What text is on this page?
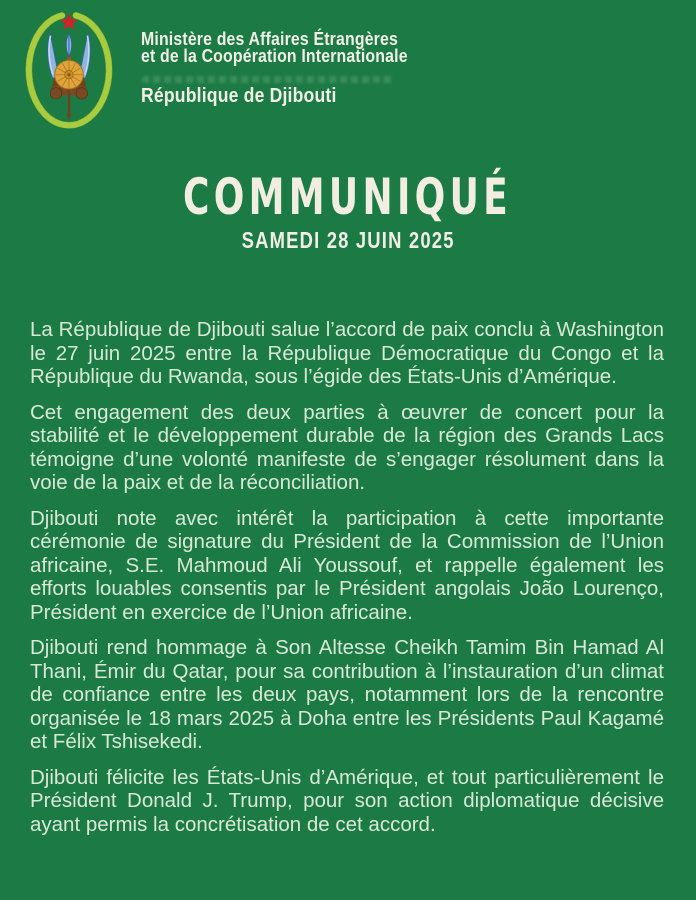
Ministère des Affaires Étrangères
et de la Coopération Internationale
République de Djibouti
COMMUNIQUÉ
SAMEDI 28 JUIN 2025

La République de Djibouti salue l’accord de paix conclu à Washington le 27 juin 2025 entre la République Démocratique du Congo et la République du Rwanda, sous l’égide des États-Unis d’Amérique.

Cet engagement des deux parties à œuvrer de concert pour la stabilité et le développement durable de la région des Grands Lacs témoigne d’une volonté manifeste de s’engager résolument dans la voie de la paix et de la réconciliation.

Djibouti note avec intérêt la participation à cette importante cérémonie de signature du Président de la Commission de l’Union africaine, S.E. Mahmoud Ali Youssouf, et rappelle également les efforts louables consentis par le Président angolais João Lourenço, Président en exercice de l’Union africaine.

Djibouti rend hommage à Son Altesse Cheikh Tamim Bin Hamad Al Thani, Émir du Qatar, pour sa contribution à l’instauration d’un climat de confiance entre les deux pays, notamment lors de la rencontre organisée le 18 mars 2025 à Doha entre les Présidents Paul Kagamé et Félix Tshisekedi.

Djibouti félicite les États-Unis d’Amérique, et tout particulièrement le Président Donald J. Trump, pour son action diplomatique décisive ayant permis la concrétisation de cet accord.
